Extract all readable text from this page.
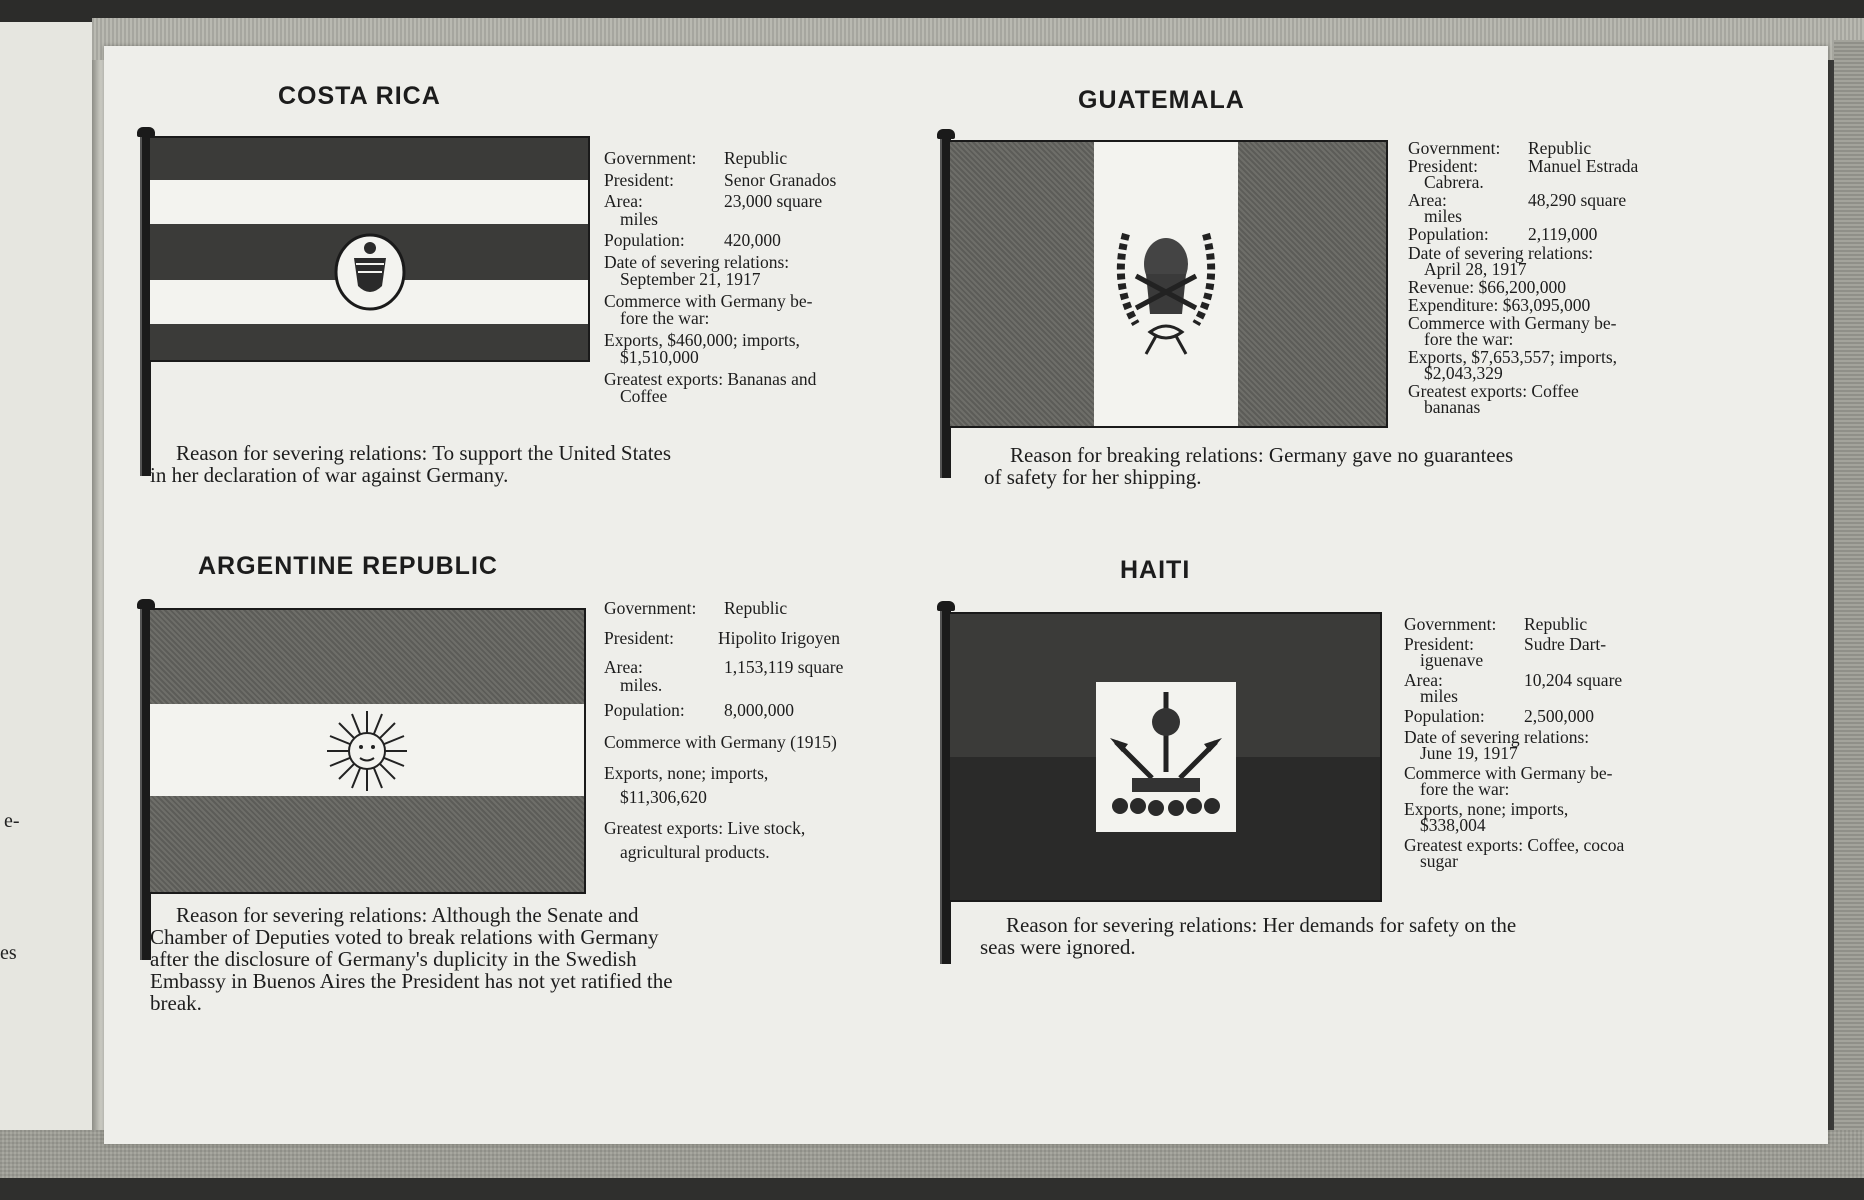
e-
es
COSTA RICA
Government:	Republic
President:	Senor Granados
Area:	23,000 square
miles
Population:	420,000
Date of severing relations:
September 21, 1917
Commerce with Germany be-
fore the war:
Exports, $460,000; imports,
$1,510,000
Greatest exports: Bananas and
Coffee
Reason for severing relations: To support the United States
in her declaration of war against Germany.
GUATEMALA
Government:	Republic
President:	Manuel Estrada
Cabrera.
Area:	48,290 square
miles
Population:	2,119,000
Date of severing relations:
April 28, 1917
Revenue: $66,200,000
Expenditure: $63,095,000
Commerce with Germany be-
fore the war:
Exports, $7,653,557; imports,
$2,043,329
Greatest exports: Coffee
bananas
Reason for breaking relations: Germany gave no guarantees
of safety for her shipping.
ARGENTINE REPUBLIC
Government:	Republic
President:	Hipolito Irigoyen
Area:	1,153,119 square
miles.
Population:	8,000,000
Commerce with Germany (1915)
Exports, none; imports,
$11,306,620
Greatest exports: Live stock,
agricultural products.
Reason for severing relations: Although the Senate and
Chamber of Deputies voted to break relations with Germany
after the disclosure of Germany's duplicity in the Swedish
Embassy in Buenos Aires the President has not yet ratified the
break.
HAITI
Government:	Republic
President:	Sudre Dart-
iguenave
Area:	10,204 square
miles
Population:	2,500,000
Date of severing relations:
June 19, 1917
Commerce with Germany be-
fore the war:
Exports, none; imports,
$338,004
Greatest exports: Coffee, cocoa
sugar
Reason for severing relations: Her demands for safety on the
seas were ignored.
